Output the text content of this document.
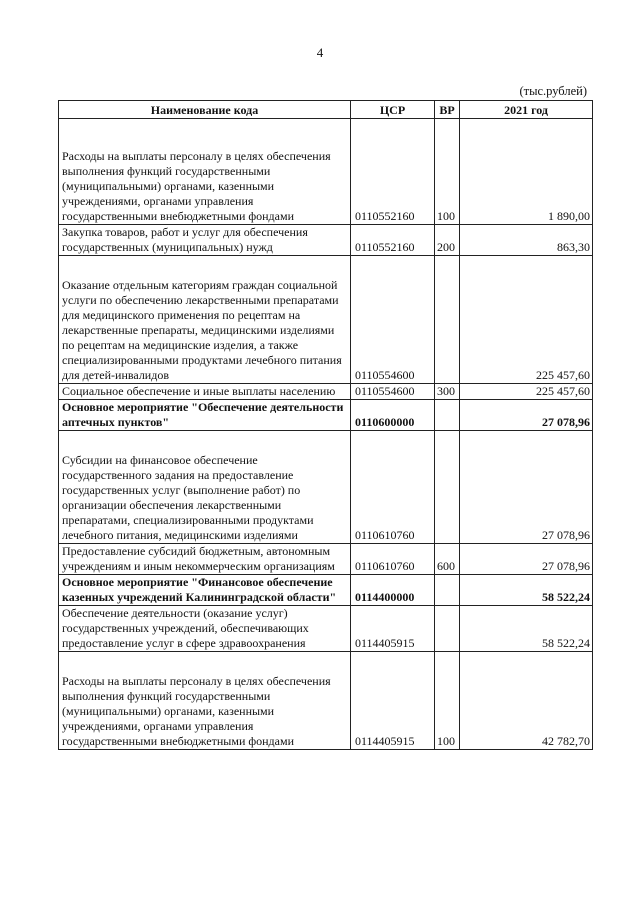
4
(тыс.рублей)
Наименование кода	ЦСР	ВР	2021 год
Расходы на выплаты персоналу в целях обеспечения выполнения функций государственными (муниципальными) органами, казенными учреждениями, органами управления государственными внебюджетными фондами	0110552160	100	1 890,00
Закупка товаров, работ и услуг для обеспечения государственных (муниципальных) нужд	0110552160	200	863,30
Оказание отдельным категориям граждан социальной услуги по обеспечению лекарственными препаратами для медицинского применения по рецептам на лекарственные препараты, медицинскими изделиями по рецептам на медицинские изделия, а также специализированными продуктами лечебного питания для детей-инвалидов	0110554600		225 457,60
Социальное обеспечение и иные выплаты населению	0110554600	300	225 457,60
Основное мероприятие "Обеспечение деятельности аптечных пунктов"	0110600000		27 078,96
Субсидии на финансовое обеспечение государственного задания на предоставление государственных услуг (выполнение работ) по организации обеспечения лекарственными препаратами, специализированными продуктами лечебного питания, медицинскими изделиями	0110610760		27 078,96
Предоставление субсидий бюджетным, автономным учреждениям и иным некоммерческим организациям	0110610760	600	27 078,96
Основное мероприятие "Финансовое обеспечение казенных учреждений Калининградской области"	0114400000		58 522,24
Обеспечение деятельности (оказание услуг) государственных учреждений, обеспечивающих предоставление услуг в сфере здравоохранения	0114405915		58 522,24
Расходы на выплаты персоналу в целях обеспечения выполнения функций государственными (муниципальными) органами, казенными учреждениями, органами управления государственными внебюджетными фондами	0114405915	100	42 782,70
